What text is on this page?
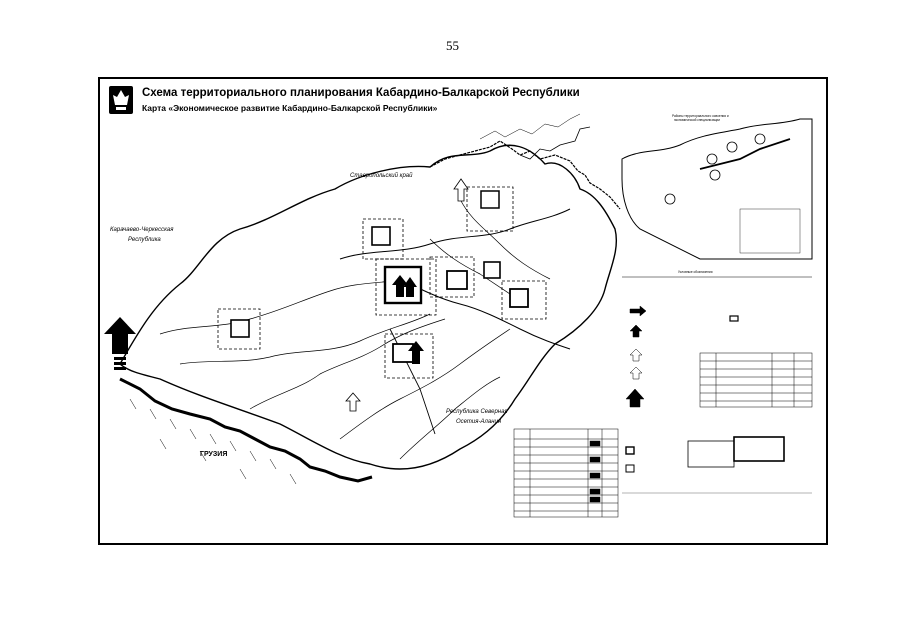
55
Схема территориального планирования Кабардино-Балкарской Республики
Карта «Экономическое развитие Кабардино-Балкарской Республики»
Ставропольский край
Карачаево-Черкесская
Республика
ГРУЗИЯ
Республика Северная
Осетия-Алания
Районы территориального освоения и
экономической специализации
Условные обозначения
